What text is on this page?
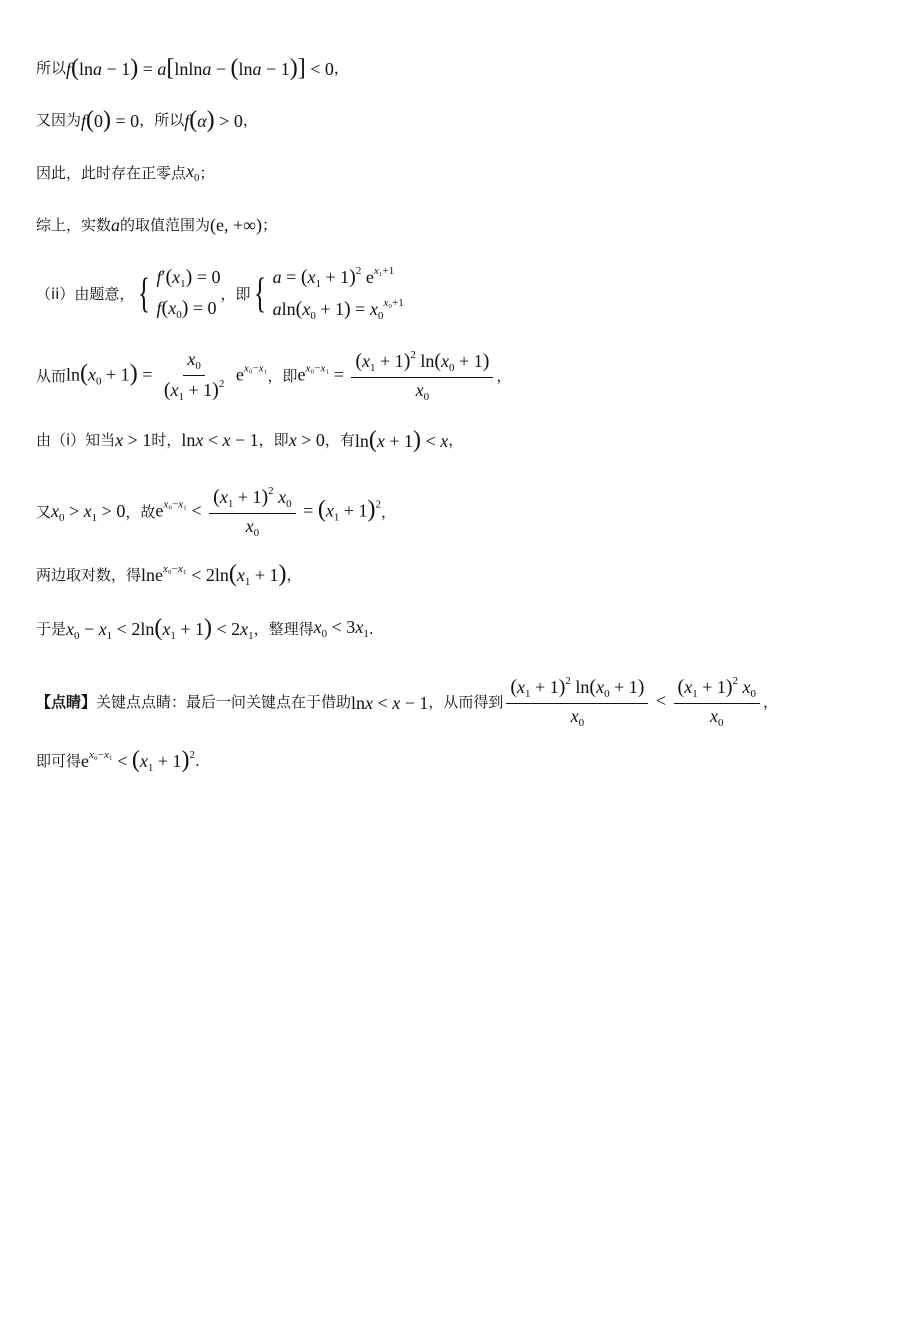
所以 f(lna − 1) = a[lnlna − (lna − 1)] < 0 ，
又因为 f(0) = 0 ，所以 f(α) > 0 ，
因此，此时存在正零点 $x_0$ ；
综上，实数 a 的取值范围为 (e, +∞) ；
（ii）由题意， { $f'(x_1) = 0$
$f(x_0) = 0$
，即 { $a = (x_1 + 1)^2$ $e^{x_1+1}$
$aln(x_0 + 1) = x_0^{x_0+1}$
从而 $\ln(x_0 + 1) = \frac{x_0}{(x_1 + 1)^2} e^{x_0-x_1}$ ，即 $e^{x_0-x_1} = \frac{(x_1 + 1)^2 \ln(x_0 + 1)}{x_0}$ ，
由（i）知当 x > 1 时， lnx < x − 1 ，即 x > 0 ，有 ln(x + 1) < x ，
又 $x_0 > x_1 > 0$ ，故 $e^{x_0-x_1} < \frac{(x_1 + 1)^2 x_0}{x_0} = (x_1 + 1)^2$ ，
两边取对数，得 $\ln e^{x_0-x_1} < 2\ln(x_1 + 1)$ ，
于是 $x_0 - x_1 < 2\ln(x_1 + 1) < 2x_1$ ，整理得 $x_0 < 3x_1$ .
【点睛】 关键点点睛：最后一问关键点在于借助 lnx < x − 1 ，从而得到 $\frac{(x_1 + 1)^2 \ln(x_0 + 1)}{x_0} < \frac{(x_1 + 1)^2 x_0}{x_0}$ ，
即可得 $e^{x_0-x_1} < (x_1 + 1)^2$ .
